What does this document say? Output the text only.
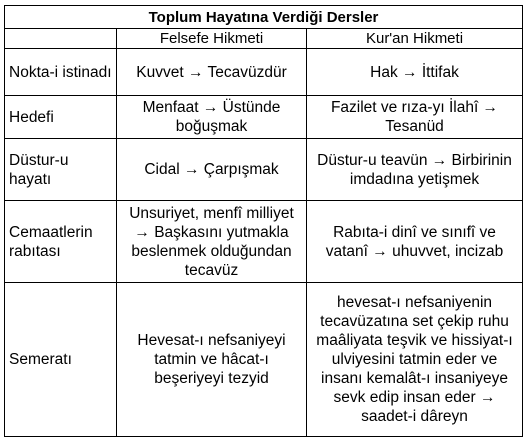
Toplum Hayatına Verdiği Dersler		
	Felsefe Hikmeti	Kur'an Hikmeti
Nokta-i istinadı	Kuvvet → Tecavüzdür	Hak → İttifak
Hedefi	Menfaat → Üstünde boğuşmak	Fazilet ve rıza-yı İlahî → Tesanüd
Düstur-u hayatı	Cidal → Çarpışmak	Düstur-u teavün → Birbirinin imdadına yetişmek
Cemaatlerin rabıtası	Unsuriyet, menfî milliyet → Başkasını yutmakla beslenmek olduğundan tecavüz	Rabıta-i dinî ve sınıfî ve vatanî → uhuvvet, incizab
Semeratı	Hevesat-ı nefsaniyeyi tatmin ve hâcat-ı beşeriyeyi tezyid	hevesat-ı nefsaniyenin tecavüzatına set çekip ruhu maâliyata teşvik ve hissiyat-ı ulviyesini tatmin eder ve insanı kemalât-ı insaniyeye sevk edip insan eder → saadet-i dâreyn
